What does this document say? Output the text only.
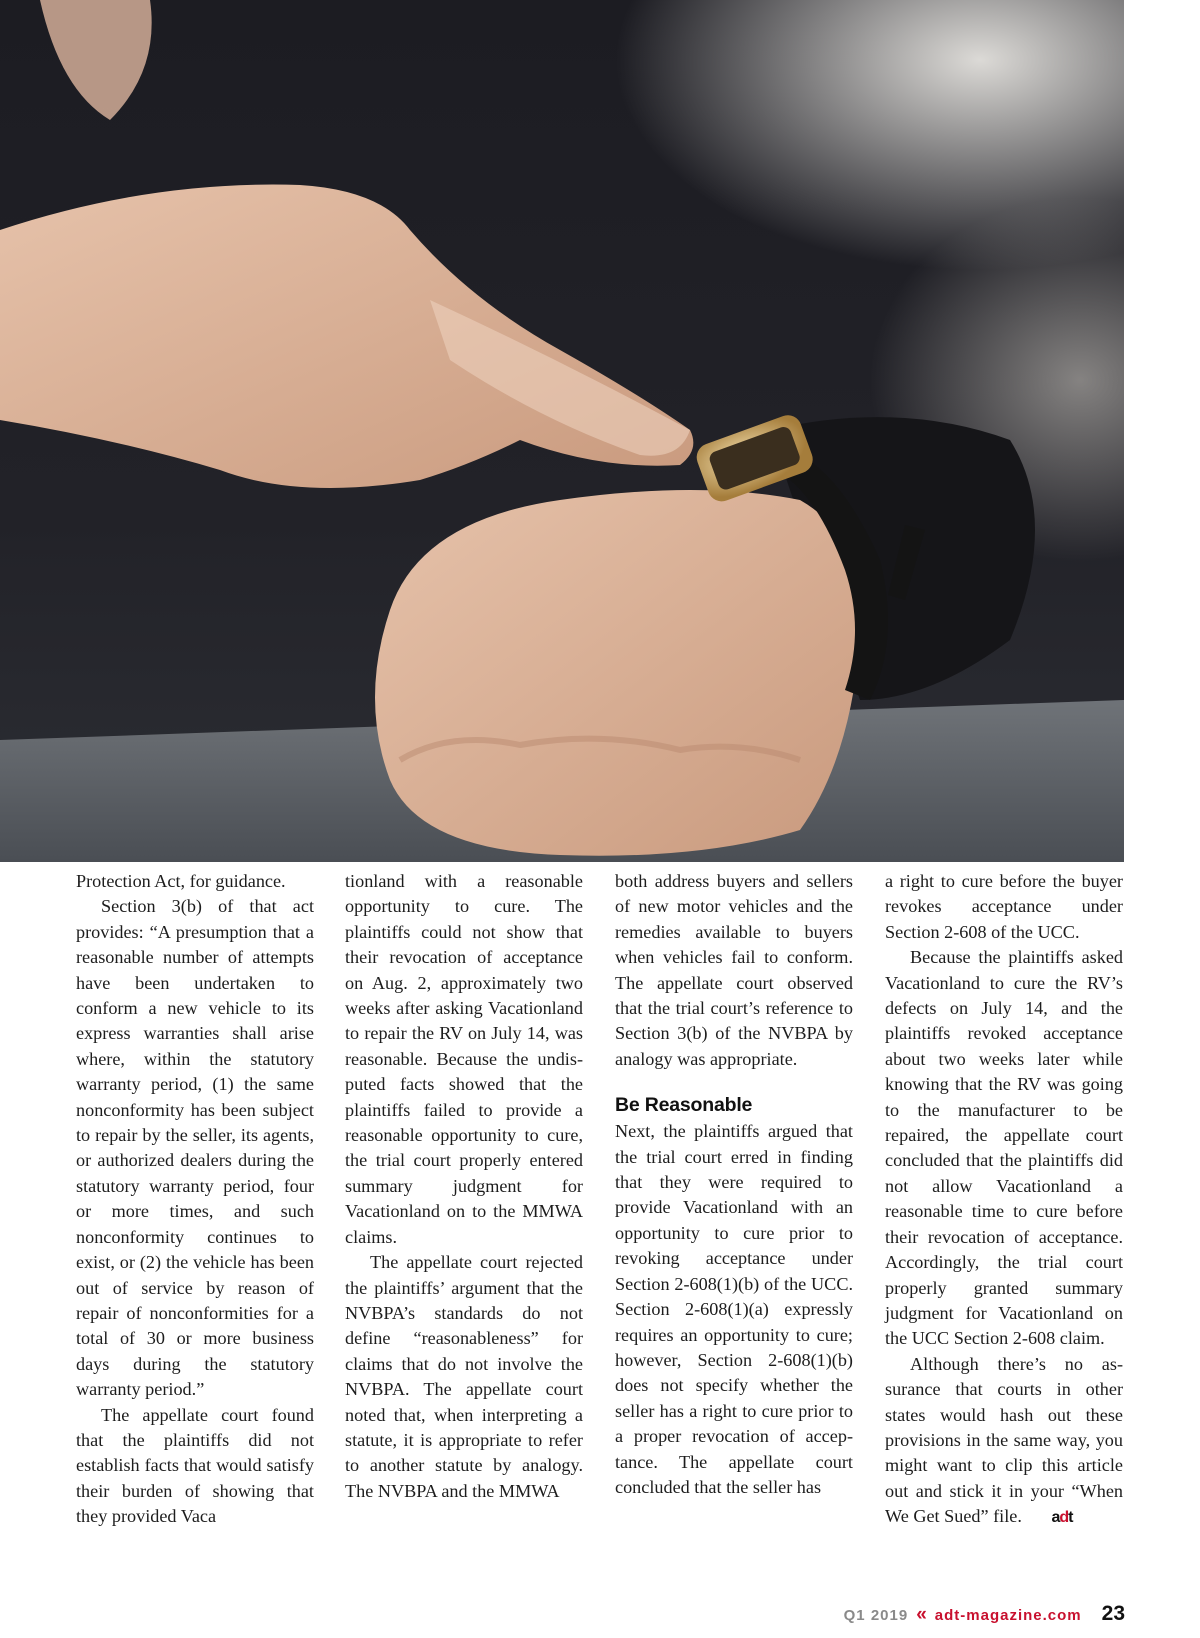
Protection Act, for guidance.

Section 3(b) of that act provides: “A presumption that a reasonable number of attempts have been undertaken to conform a new vehicle to its express warranties shall arise where, within the statutory warranty period, (1) the same nonconformity has been subject to repair by the seller, its agents, or authorized dealers during the statutory warranty period, four or more times, and such nonconformity continues to exist, or (2) the vehicle has been out of service by reason of repair of nonconformities for a total of 30 or more business days during the statutory warranty period.”

The appellate court found that the plaintiffs did not establish facts that would satisfy their burden of showing that they provided Vaca

tionland with a reasonable opportunity to cure. The plaintiffs could not show that their revocation of acceptance on Aug. 2, approximately two weeks after asking Vacationland to repair the RV on July 14, was reasonable. Because the undisputed facts showed that the plaintiffs failed to provide a reasonable opportunity to cure, the trial court properly entered summary judgment for Vacationland on to the MMWA claims.

The appellate court rejected the plaintiffs’ argument that the NVBPA’s standards do not define “reasonableness” for claims that do not involve the NVBPA. The appellate court noted that, when interpreting a statute, it is appropriate to refer to another statute by analogy. The NVBPA and the MMWA

both address buyers and sellers of new motor vehicles and the remedies available to buyers when vehicles fail to conform. The appellate court observed that the trial court’s reference to Section 3(b) of the NVBPA by analogy was appropriate.

Be Reasonable

Next, the plaintiffs argued that the trial court erred in finding that they were required to provide Vacationland with an opportunity to cure prior to revoking acceptance under Section 2-608(1)(b) of the UCC. Section 2-608(1)(a) expressly requires an opportunity to cure; however, Section 2-608(1)(b) does not specify whether the seller has a right to cure prior to a proper revocation of acceptance. The appellate court concluded that the seller has

a right to cure before the buyer revokes acceptance under Section 2-608 of the UCC.

Because the plaintiffs asked Vacationland to cure the RV’s defects on July 14, and the plaintiffs revoked acceptance about two weeks later while knowing that the RV was going to the manufacturer to be repaired, the appellate court concluded that the plaintiffs did not allow Vacationland a reasonable time to cure before their revocation of acceptance. Accordingly, the trial court properly granted summary judgment for Vacationland on the UCC Section 2-608 claim.

Although there’s no assurance that courts in other states would hash out these provisions in the same way, you might want to clip this article out and stick it in your “When We Get Sued” file. adt

Q1 2019 « adt-magazine.com 23
